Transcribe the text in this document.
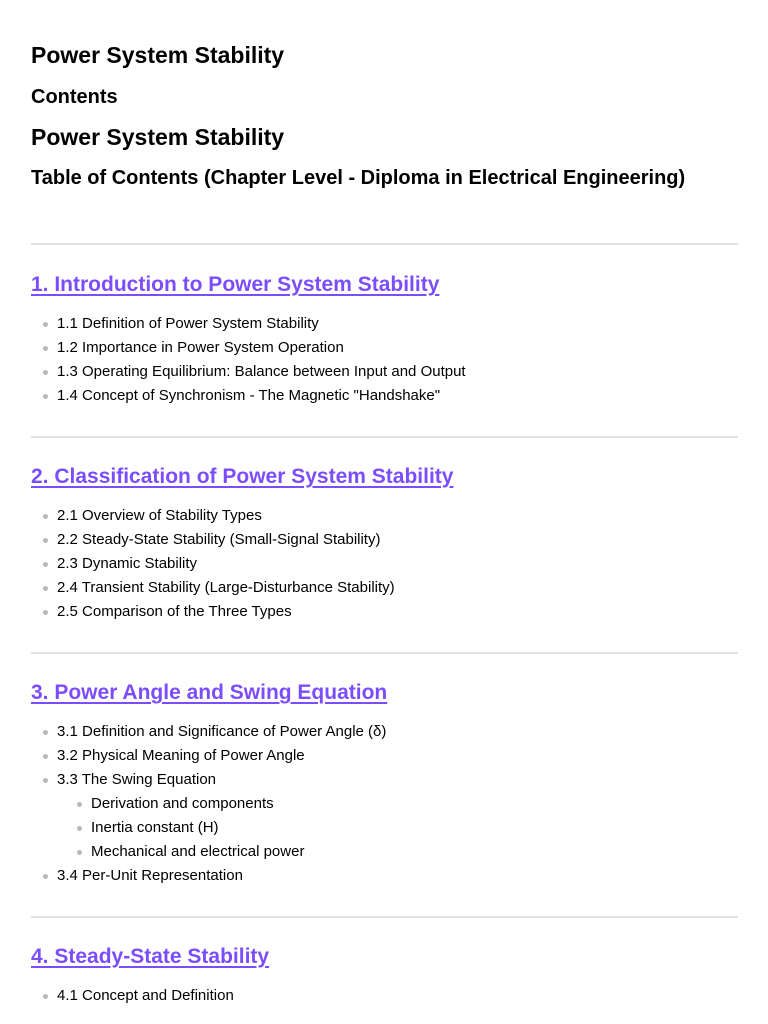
Power System Stability
Contents
Power System Stability
Table of Contents (Chapter Level - Diploma in Electrical Engineering)
1. Introduction to Power System Stability
1.1 Definition of Power System Stability
1.2 Importance in Power System Operation
1.3 Operating Equilibrium: Balance between Input and Output
1.4 Concept of Synchronism - The Magnetic "Handshake"
2. Classification of Power System Stability
2.1 Overview of Stability Types
2.2 Steady-State Stability (Small-Signal Stability)
2.3 Dynamic Stability
2.4 Transient Stability (Large-Disturbance Stability)
2.5 Comparison of the Three Types
3. Power Angle and Swing Equation
3.1 Definition and Significance of Power Angle (δ)
3.2 Physical Meaning of Power Angle
3.3 The Swing Equation
Derivation and components
Inertia constant (H)
Mechanical and electrical power
3.4 Per-Unit Representation
4. Steady-State Stability
4.1 Concept and Definition
